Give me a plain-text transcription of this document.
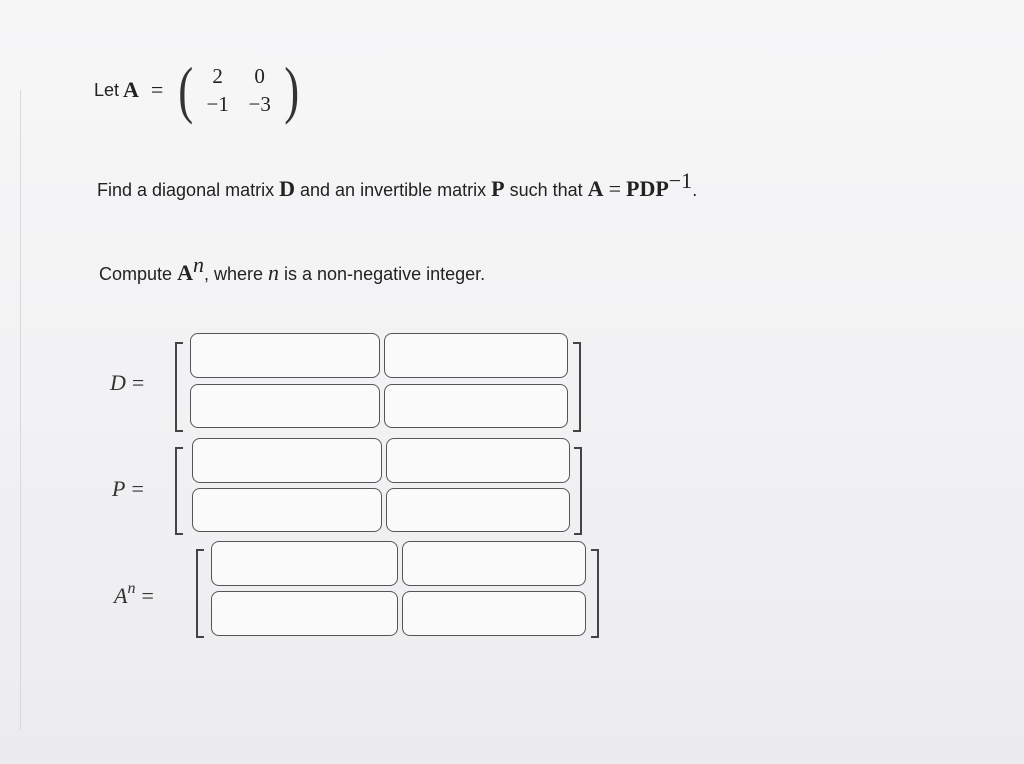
Let A = ( 2	0
−1 −3 )
Find a diagonal matrix D and an invertible matrix P such that $A = PDP^{-1}$.
Compute $A^n$, where n is a non-negative integer.
D =
P =
$A^n$ =
